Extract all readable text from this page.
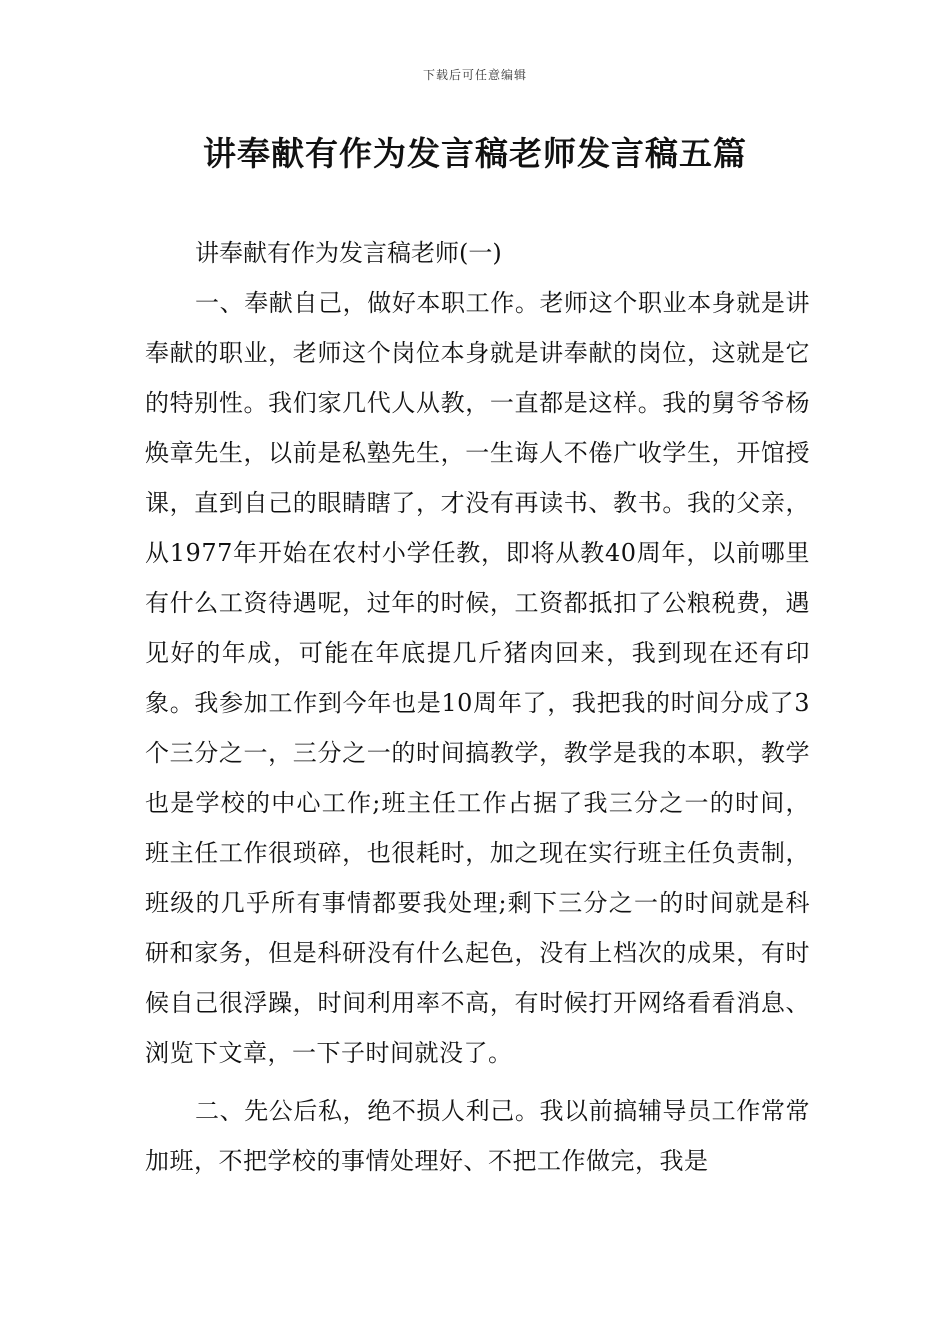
下载后可任意编辑
讲奉献有作为发言稿老师发言稿五篇

讲奉献有作为发言稿老师(一)

一、奉献自己，做好本职工作。老师这个职业本身就是讲奉献的职业，老师这个岗位本身就是讲奉献的岗位，这就是它的特别性。我们家几代人从教，一直都是这样。我的舅爷爷杨焕章先生，以前是私塾先生，一生诲人不倦广收学生，开馆授课，直到自己的眼睛瞎了，才没有再读书、教书。我的父亲，从1977年开始在农村小学任教，即将从教40周年，以前哪里有什么工资待遇呢，过年的时候，工资都抵扣了公粮税费，遇见好的年成，可能在年底提几斤猪肉回来，我到现在还有印象。我参加工作到今年也是10周年了，我把我的时间分成了3个三分之一，三分之一的时间搞教学，教学是我的本职，教学也是学校的中心工作;班主任工作占据了我三分之一的时间，班主任工作很琐碎，也很耗时，加之现在实行班主任负责制，班级的几乎所有事情都要我处理;剩下三分之一的时间就是科研和家务，但是科研没有什么起色，没有上档次的成果，有时候自己很浮躁，时间利用率不高，有时候打开网络看看消息、浏览下文章，一下子时间就没了。

二、先公后私，绝不损人利己。我以前搞辅导员工作常常加班，不把学校的事情处理好、不把工作做完，我是
